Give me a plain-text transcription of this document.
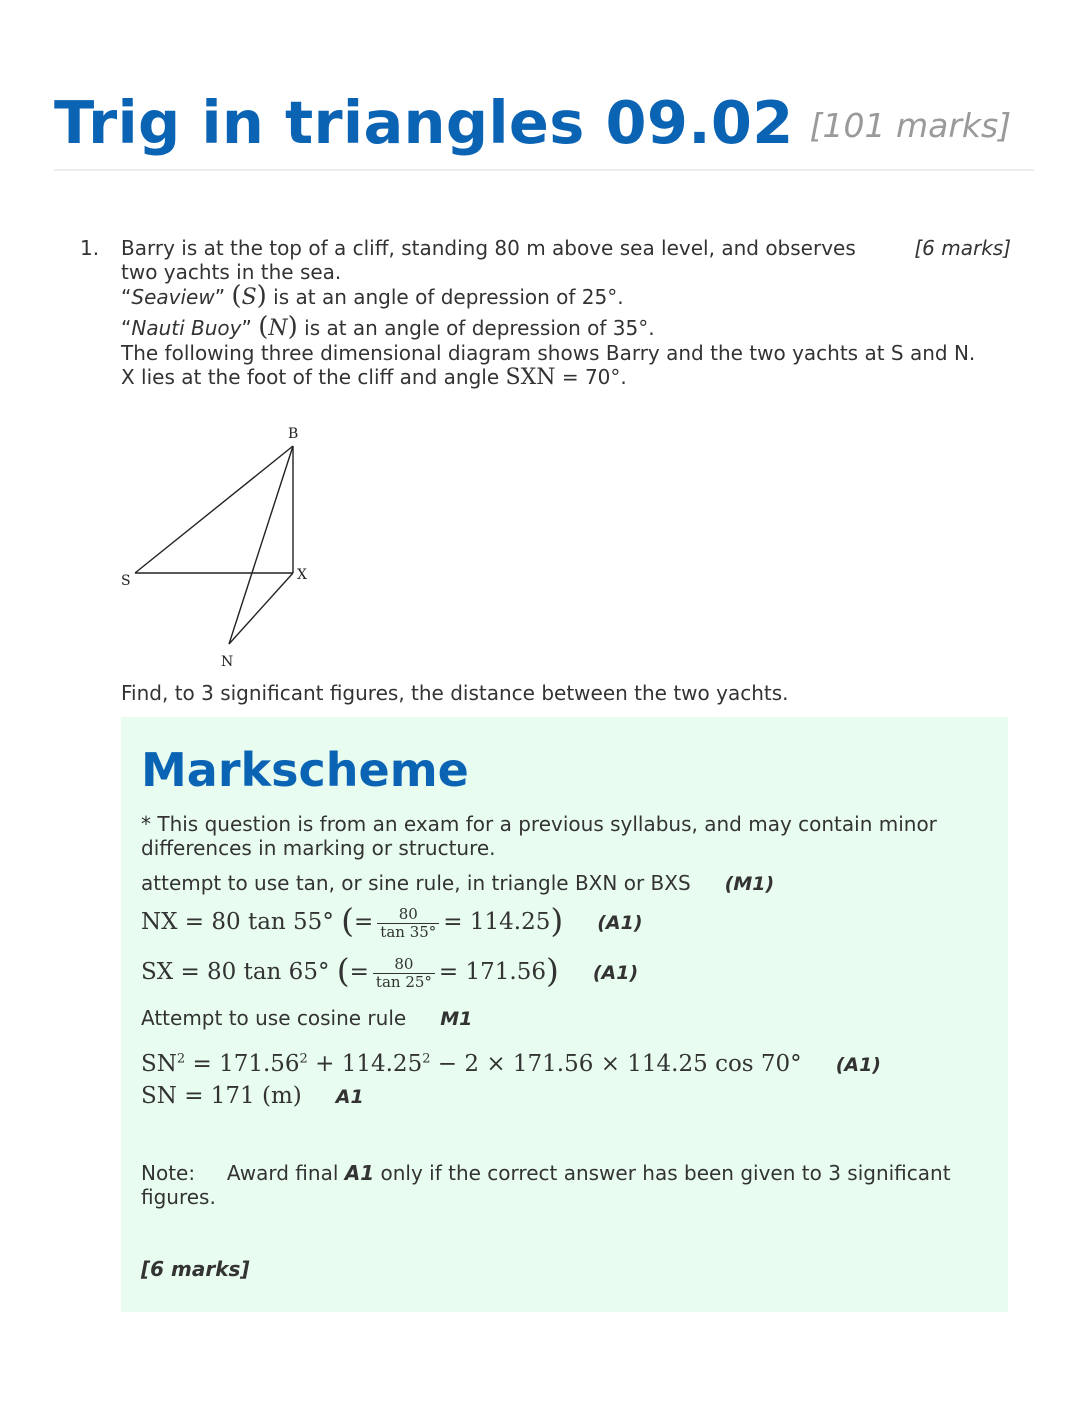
Trig in triangles 09.02 [101 marks]
1. Barry is at the top of a cliff, standing 80 m above sea level, and observes	[6 marks]

two yachts in the sea.

“Seaview” (S) is at an angle of depression of 25°.

“Nauti Buoy” (N) is at an angle of depression of 35°.

The following three dimensional diagram shows Barry and the two yachts at S and N.

X lies at the foot of the cliff and angle SXN = 70°.

B
S	X
N
Find, to 3 significant figures, the distance between the two yachts.
Markscheme
* This question is from an exam for a previous syllabus, and may contain minor differences in marking or structure.
attempt to use tan, or sine rule, in triangle BXN or BXS (M1)
NX = 80 tan 55° (= $\frac{80}{\tan 35^\circ} = 114.25$) (A1)
SX = 80 tan 65° (= $\frac{80}{\tan 25^\circ} = 171.56$) (A1)
Attempt to use cosine rule M1
$SN^2 = 171.56^2 + 114.25^2 - 2 \times 171.56 \times 114.25$ cos 70° (A1)
SN = 171 (m) A1
Note: Award final A1 only if the correct answer has been given to 3 significant figures.
[6 marks]
